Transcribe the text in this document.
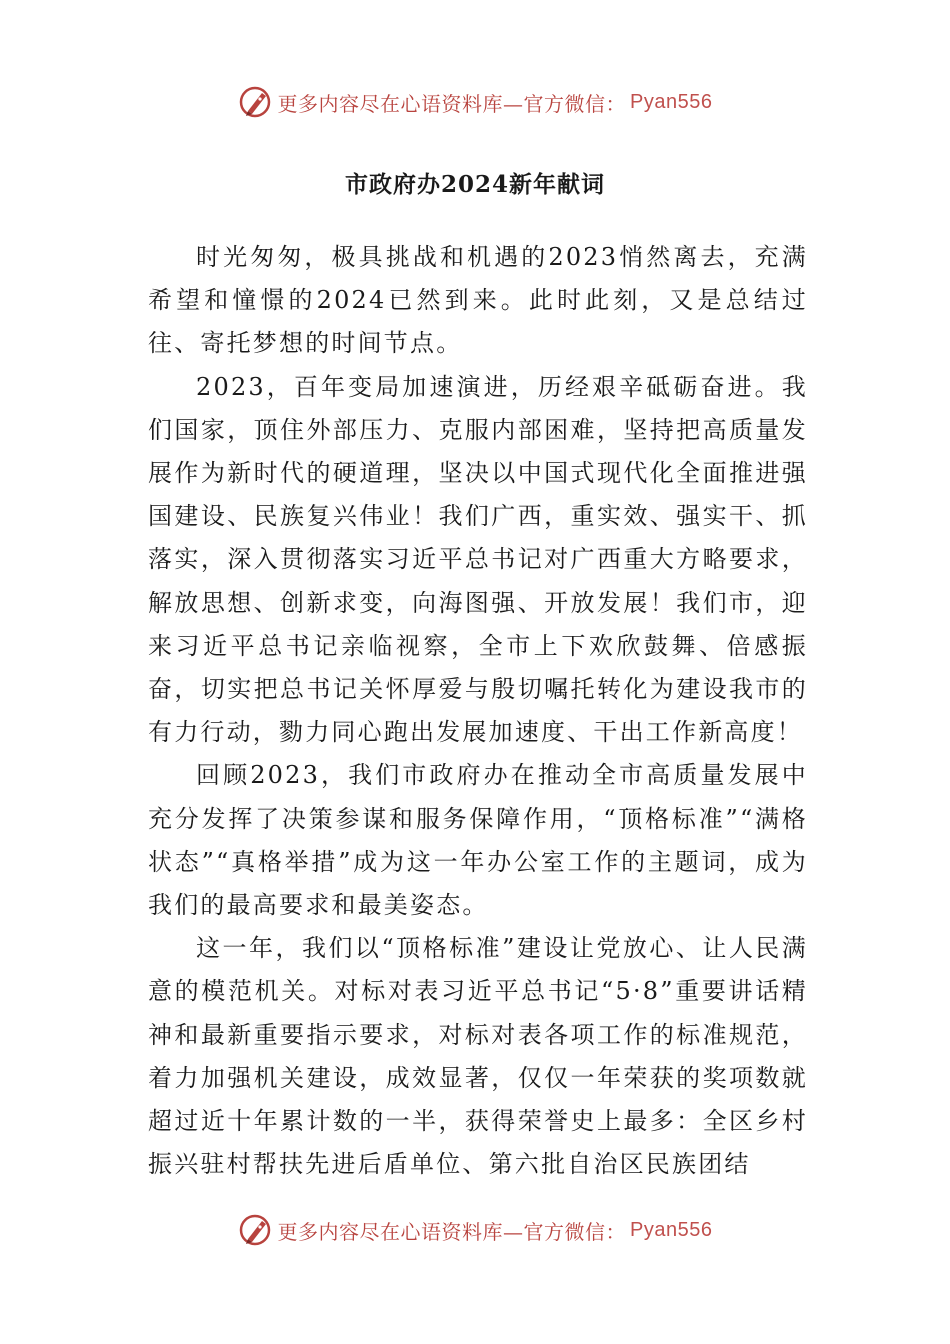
更多内容尽在心语资料库—官方微信： Pyan556
市政府办2024新年献词

时光匆匆，极具挑战和机遇的2023悄然离去，充满希望和憧憬的2024已然到来。此时此刻，又是总结过往、寄托梦想的时间节点。

2023，百年变局加速演进，历经艰辛砥砺奋进。我们国家，顶住外部压力、克服内部困难，坚持把高质量发展作为新时代的硬道理，坚决以中国式现代化全面推进强国建设、民族复兴伟业！我们广西，重实效、强实干、抓落实，深入贯彻落实习近平总书记对广西重大方略要求，解放思想、创新求变，向海图强、开放发展！我们市，迎来习近平总书记亲临视察，全市上下欢欣鼓舞、倍感振奋，切实把总书记关怀厚爱与殷切嘱托转化为建设我市的有力行动，勠力同心跑出发展加速度、干出工作新高度！

回顾2023，我们市政府办在推动全市高质量发展中充分发挥了决策参谋和服务保障作用，“顶格标准”“满格状态”“真格举措”成为这一年办公室工作的主题词，成为我们的最高要求和最美姿态。

这一年，我们以“顶格标准”建设让党放心、让人民满意的模范机关。对标对表习近平总书记“5·8”重要讲话精神和最新重要指示要求，对标对表各项工作的标准规范，着力加强机关建设，成效显著，仅仅一年荣获的奖项数就超过近十年累计数的一半，获得荣誉史上最多：全区乡村振兴驻村帮扶先进后盾单位、第六批自治区民族团结

更多内容尽在心语资料库—官方微信： Pyan556
